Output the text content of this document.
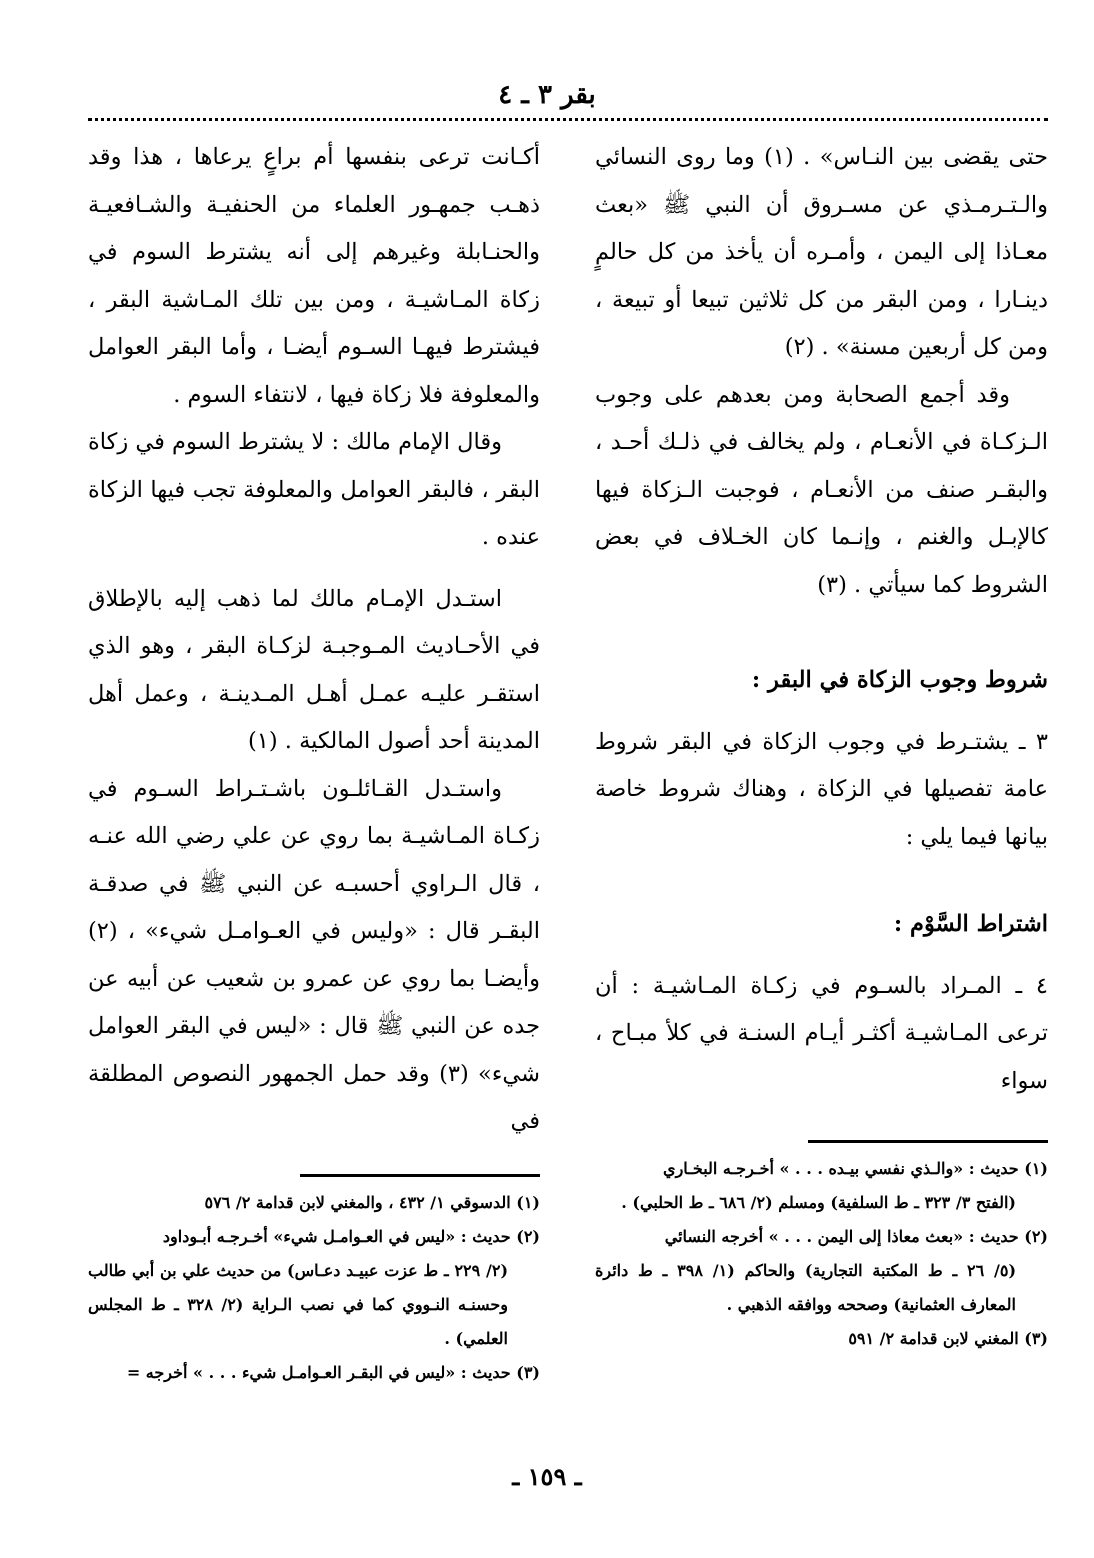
بقر ٣ ـ ٤

حتى يقضى بين النـاس» . (١) وما روى النسائي والـتـرمـذي عن مسـروق أن النبي ﷺ «بعث معـاذا إلى اليمن ، وأمـره أن يأخذ من كل حالمٍ دينـارا ، ومن البقر من كل ثلاثين تبيعا أو تبيعة ، ومن كل أربعين مسنة» . (٢)

وقد أجمع الصحابة ومن بعدهم على وجوب الـزكـاة في الأنعـام ، ولم يخالف في ذلـك أحـد ، والبقـر صنف من الأنعـام ، فوجبت الـزكاة فيها كالإبـل والغنم ، وإنـما كان الخـلاف في بعض الشروط كما سيأتي . (٣)

شروط وجوب الزكاة في البقر :

٣ ـ يشتـرط في وجوب الزكاة في البقر شروط عامة تفصيلها في الزكاة ، وهناك شروط خاصة بيانها فيما يلي :

اشتراط السَّوْم :

٤ ـ المـراد بالسـوم في زكـاة المـاشيـة : أن ترعى المـاشيـة أكثـر أيـام السنـة في كلأ مبـاح ، سواء

أكـانت ترعى بنفسها أم براعٍ يرعاها ، هذا وقد ذهـب جمهـور العلماء من الحنفيـة والشـافعيـة والحنـابلة وغيرهم إلى أنه يشترط السوم في زكاة المـاشيـة ، ومن بين تلك المـاشية البقر ، فيشترط فيهـا السـوم أيضـا ، وأما البقر العوامل والمعلوفة فلا زكاة فيها ، لانتفاء السوم .

وقال الإمام مالك : لا يشترط السوم في زكاة البقر ، فالبقر العوامل والمعلوفة تجب فيها الزكاة عنده .

استـدل الإمـام مالك لما ذهب إليه بالإطلاق في الأحـاديث المـوجبـة لزكـاة البقر ، وهو الذي استقـر عليـه عمـل أهـل المـدينـة ، وعمل أهل المدينة أحد أصول المالكية . (١)

واستـدل القـائلـون باشـتـراط السـوم في زكـاة المـاشيـة بما روي عن علي رضي الله عنـه ، قال الـراوي أحسبـه عن النبي ﷺ في صدقـة البقـر قال : «وليس في العـوامـل شيء» ، (٢) وأيضـا بما روي عن عمرو بن شعيب عن أبيه عن جده عن النبي ﷺ قال : «ليس في البقر العوامل شيء» (٣) وقد حمل الجمهور النصوص المطلقة في

(١) حديث : «والـذي نفسي بيـده . . . » أخـرجـه البخـاري

(الفتح ٣/ ٣٢٣ ـ ط السلفية) ومسلم (٢/ ٦٨٦ ـ ط الحلبي) .

(٢) حديث : «بعث معاذا إلى اليمن . . . » أخرجه النسائي

(٥/ ٢٦ ـ ط المكتبة التجارية) والحاكم (١/ ٣٩٨ ـ ط دائرة المعارف العثمانية) وصححه ووافقه الذهبي .

(٣) المغني لابن قدامة ٢/ ٥٩١

(١) الدسوقي ١/ ٤٣٢ ، والمغني لابن قدامة ٢/ ٥٧٦

(٢) حديث : «ليس في العـوامـل شيء» أخـرجـه أبـوداود

(٢/ ٢٢٩ ـ ط عزت عبيـد دعـاس) من حديث علي بن أبي طالب وحسنـه النـووي كما في نصب الـراية (٢/ ٣٢٨ ـ ط المجلس العلمي) .

(٣) حديث : «ليس في البقـر العـوامـل شيء . . . » أخرجه =

ـ ١٥٩ ـ
